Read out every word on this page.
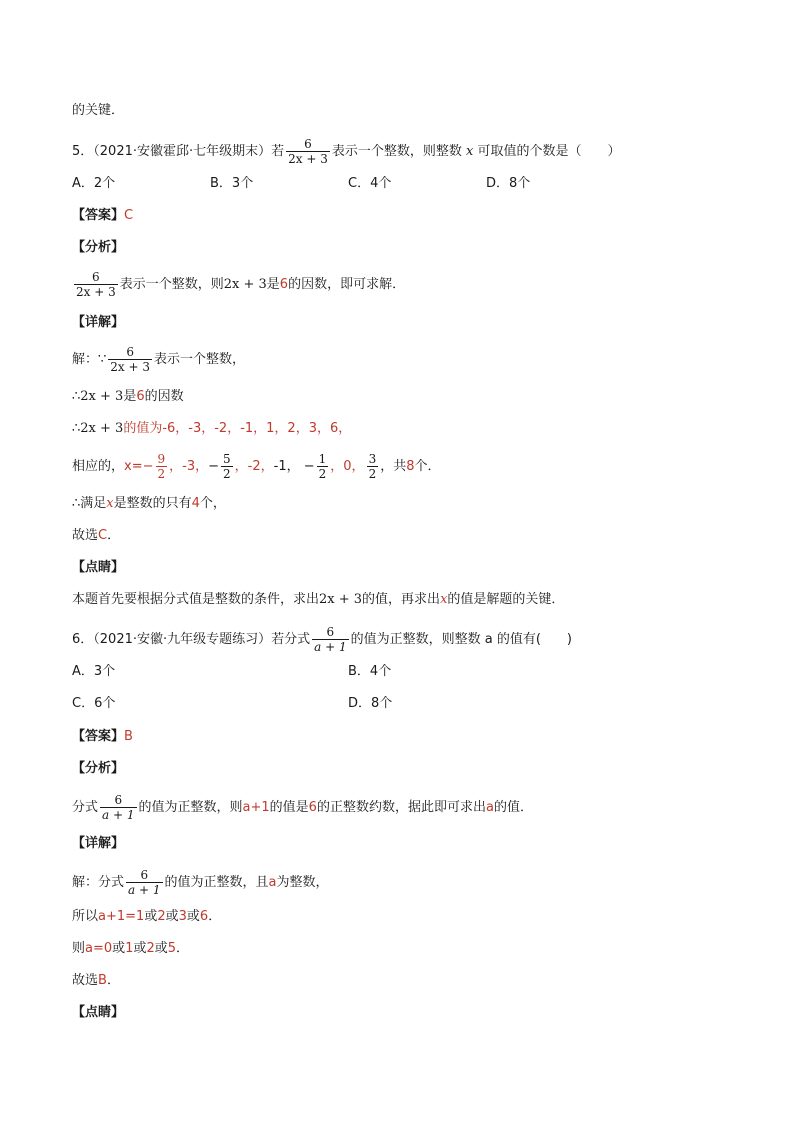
的关键．
5．（2021·安徽霍邱·七年级期末）若 $\frac{6}{2x + 3}$ 表示一个整数，则整数 x 可取值的个数是（　　）
A．2个	B．3个	C．4个	D．8个
【答案】C
【分析】
$\frac{6}{2x + 3}$ 表示一个整数，则2x + 3是6的因数，即可求解．
【详解】
解：∵ $\frac{6}{2x + 3}$ 表示一个整数，
∴2x + 3是6的因数
∴2x + 3的值为-6，-3，-2，-1，1，2，3，6，
相应的，$x=- \frac{9}{2}$ ，-3，− $\frac{5}{2}$ ，-2，-1， − $\frac{1}{2}$ ，0， $\frac{3}{2}$ ，共8个．
∴满足x是整数的只有4个，
故选C．
【点睛】
本题首先要根据分式值是整数的条件，求出2x + 3的值，再求出x的值是解题的关键．
6．（2021·安徽·九年级专题练习）若分式 $\frac{6}{a + 1}$ 的值为正整数，则整数 a 的值有(　　)
A．3个	B．4个
C．6个	D．8个
【答案】B
【分析】
分式 $\frac{6}{a + 1}$ 的值为正整数，则a+1的值是6的正整数约数，据此即可求出a的值．
【详解】
解：分式 $\frac{6}{a + 1}$ 的值为正整数，且a为整数，
所以a+1=1或2或3或6．
则a=0或1或2或5．
故选B．
【点睛】
